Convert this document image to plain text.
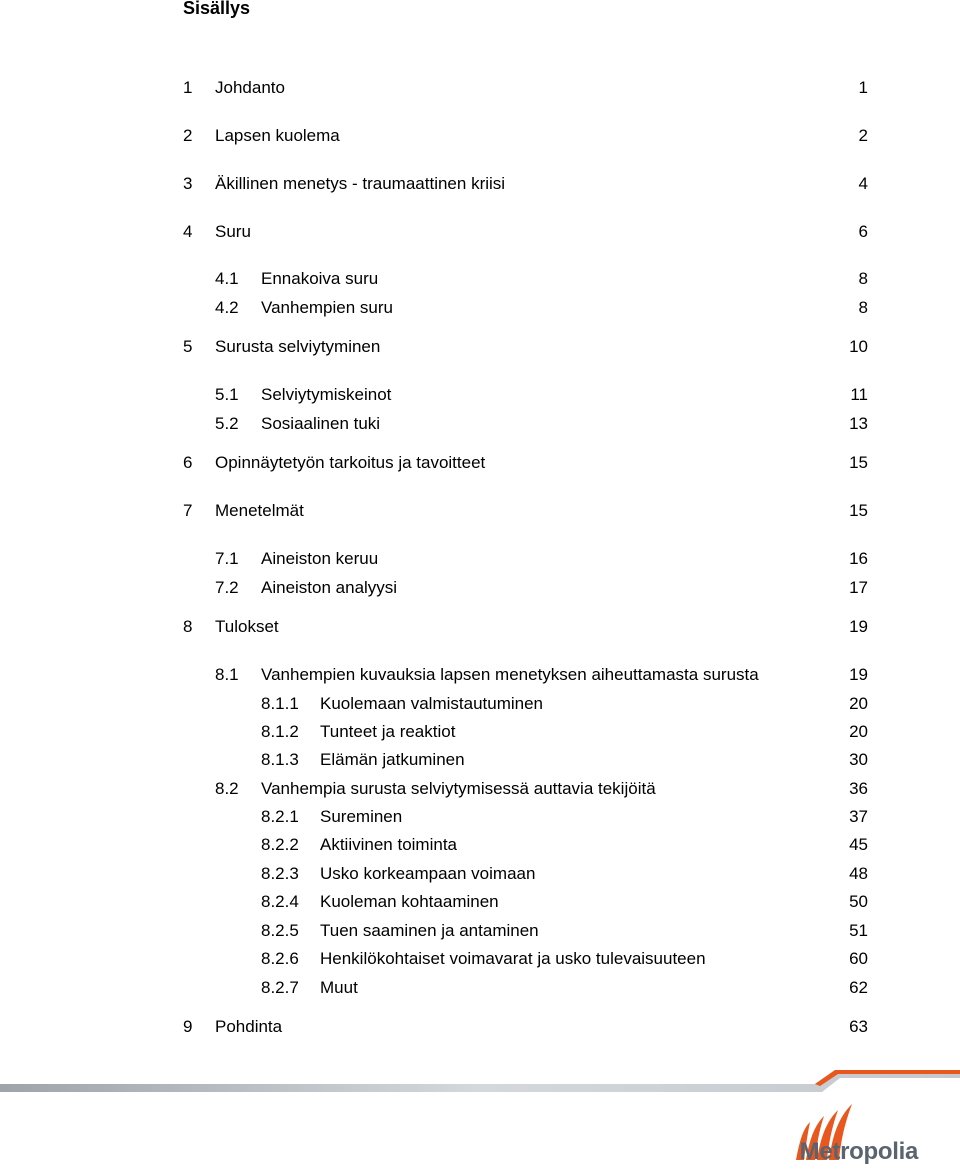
Sisällys
1 Johdanto	1
2 Lapsen kuolema	2
3 Äkillinen menetys - traumaattinen kriisi	4
4 Suru	6
4.1 Ennakoiva suru	8
4.2 Vanhempien suru	8
5 Surusta selviytyminen	10
5.1 Selviytymiskeinot	11
5.2 Sosiaalinen tuki	13
6 Opinnäytetyön tarkoitus ja tavoitteet	15
7 Menetelmät	15
7.1 Aineiston keruu	16
7.2 Aineiston analyysi	17
8 Tulokset	19
8.1 Vanhempien kuvauksia lapsen menetyksen aiheuttamasta surusta	19
8.1.1 Kuolemaan valmistautuminen	20
8.1.2 Tunteet ja reaktiot	20
8.1.3 Elämän jatkuminen	30
8.2 Vanhempia surusta selviytymisessä auttavia tekijöitä	36
8.2.1 Sureminen	37
8.2.2 Aktiivinen toiminta	45
8.2.3 Usko korkeampaan voimaan	48
8.2.4 Kuoleman kohtaaminen	50
8.2.5 Tuen saaminen ja antaminen	51
8.2.6 Henkilökohtaiset voimavarat ja usko tulevaisuuteen	60
8.2.7 Muut	62
9 Pohdinta	63
Metropolia
